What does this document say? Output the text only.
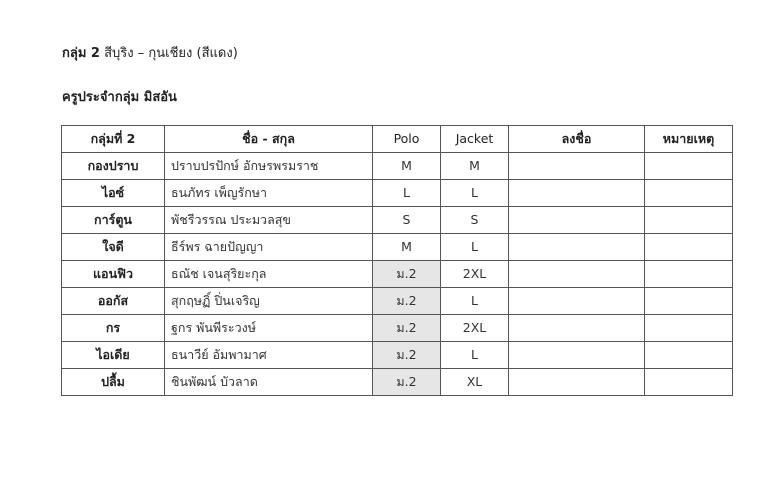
กลุ่ม 2 สีบุริง – กุนเชียง (สีแดง)
ครูประจำกลุ่ม มิสอัน
กลุ่มที่ 2	ชื่อ - สกุล	Polo	Jacket	ลงชื่อ	หมายเหตุ
กองปราบ	ปราบปรปักษ์ อักษรพรมราช	M	M		
ไอซ์	ธนภัทร เพ็ญรักษา	L	L		
การ์ตูน	พัชรีวรรณ ประมวลสุข	S	S		
ใจดี	ธีร์พร ฉายปัญญา	M	L		
แอนฟิว	ธณัช เจนสุริยะกุล	ม.2	2XL		
ออกัส	สุกฤษฏิ์ ปิ่นเจริญ	ม.2	L		
กร	ฐกร พันพีระวงษ์	ม.2	2XL		
ไอเดีย	ธนาวีย์ อัมพามาศ	ม.2	L		
ปลื้ม	ชินพัฒน์ บัวลาด	ม.2	XL		
